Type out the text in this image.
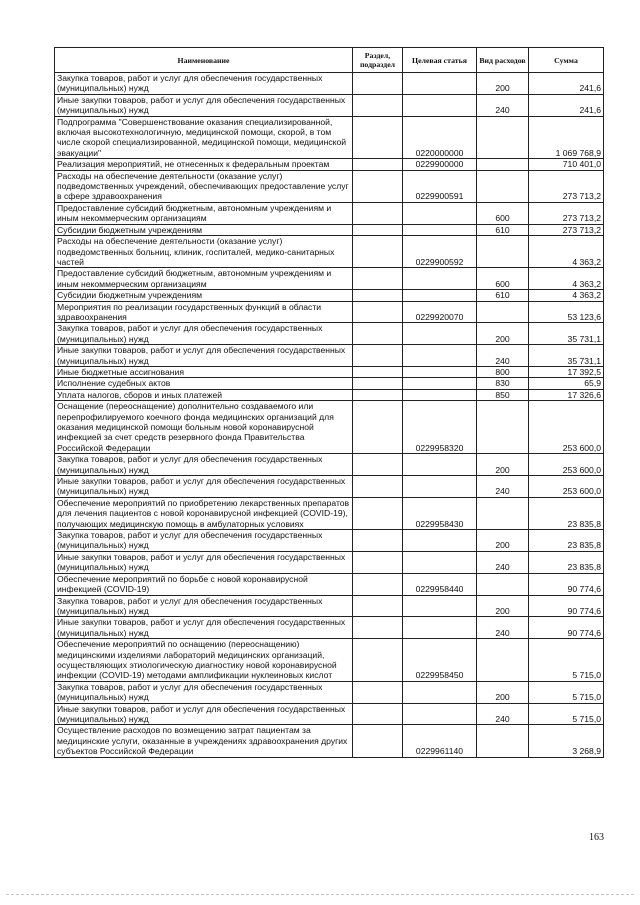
Наименование	Раздел, подраздел	Целевая статья	Вид расходов	Сумма
Закупка товаров, работ и услуг для обеспечения государственных (муниципальных) нужд			200	241,6
Иные закупки товаров, работ и услуг для обеспечения государственных (муниципальных) нужд			240	241,6
Подпрограмма "Совершенствование оказания специализированной, включая высокотехнологичную, медицинской помощи, скорой, в том числе скорой специализированной, медицинской помощи, медицинской эвакуации"		0220000000		1 069 768,9
Реализация мероприятий, не отнесенных к федеральным проектам		0229900000		710 401,0
Расходы на обеспечение деятельности (оказание услуг) подведомственных учреждений, обеспечивающих предоставление услуг в сфере здравоохранения		0229900591		273 713,2
Предоставление субсидий бюджетным, автономным учреждениям и иным некоммерческим организациям			600	273 713,2
Субсидии бюджетным учреждениям			610	273 713,2
Расходы на обеспечение деятельности (оказание услуг) подведомственных больниц, клиник, госпиталей, медико-санитарных частей		0229900592		4 363,2
Предоставление субсидий бюджетным, автономным учреждениям и иным некоммерческим организациям			600	4 363,2
Субсидии бюджетным учреждениям			610	4 363,2
Мероприятия по реализации государственных функций в области здравоохранения		0229920070		53 123,6
Закупка товаров, работ и услуг для обеспечения государственных (муниципальных) нужд			200	35 731,1
Иные закупки товаров, работ и услуг для обеспечения государственных (муниципальных) нужд			240	35 731,1
Иные бюджетные ассигнования			800	17 392,5
Исполнение судебных актов			830	65,9
Уплата налогов, сборов и иных платежей			850	17 326,6
Оснащение (переоснащение) дополнительно создаваемого или перепрофилируемого коечного фонда медицинских организаций для оказания медицинской помощи больным новой коронавирусной инфекцией за счет средств резервного фонда Правительства Российской Федерации		0229958320		253 600,0
Закупка товаров, работ и услуг для обеспечения государственных (муниципальных) нужд			200	253 600,0
Иные закупки товаров, работ и услуг для обеспечения государственных (муниципальных) нужд			240	253 600,0
Обеспечение мероприятий по приобретению лекарственных препаратов для лечения пациентов с новой коронавирусной инфекцией (COVID-19), получающих медицинскую помощь в амбулаторных условиях		0229958430		23 835,8
Закупка товаров, работ и услуг для обеспечения государственных (муниципальных) нужд			200	23 835,8
Иные закупки товаров, работ и услуг для обеспечения государственных (муниципальных) нужд			240	23 835,8
Обеспечение мероприятий по борьбе с новой коронавирусной инфекцией (COVID-19)		0229958440		90 774,6
Закупка товаров, работ и услуг для обеспечения государственных (муниципальных) нужд			200	90 774,6
Иные закупки товаров, работ и услуг для обеспечения государственных (муниципальных) нужд			240	90 774,6
Обеспечение мероприятий по оснащению (переоснащению) медицинскими изделиями лабораторий медицинских организаций, осуществляющих этиологическую диагностику новой коронавирусной инфекции (COVID-19) методами амплификации нуклеиновых кислот		0229958450		5 715,0
Закупка товаров, работ и услуг для обеспечения государственных (муниципальных) нужд			200	5 715,0
Иные закупки товаров, работ и услуг для обеспечения государственных (муниципальных) нужд			240	5 715,0
Осуществление расходов по возмещению затрат пациентам за медицинские услуги, оказанные в учреждениях здравоохранения других субъектов Российской Федерации		0229961140		3 268,9
163
